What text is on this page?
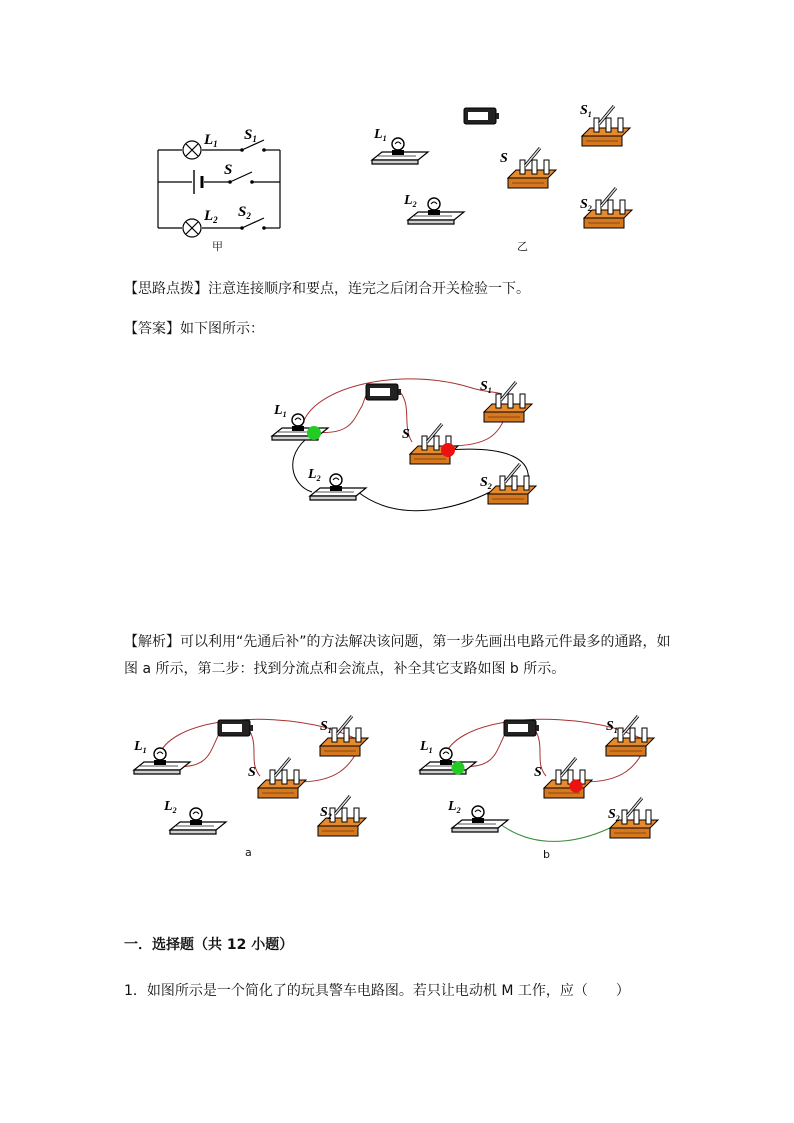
$L_1$
$S_1$
S
$L_2$ $S_2$
甲
$L_1$
$L_2$
S
$S_1$
$S_2$
乙
【思路点拨】注意连接顺序和要点，连完之后闭合开关检验一下。
【答案】如下图所示：
$L_1$
$L_2$
S
$S_1$
$S_2$
【解析】可以利用“先通后补”的方法解决该问题，第一步先画出电路元件最多的通路，如
图 a 所示，第二步：找到分流点和会流点，补全其它支路如图 b 所示。
$L_1$
$L_2$
S
$S_1$
$S_2$
a
$L_1$
$L_2$
S
$S_1$
$S_2$
b
一．选择题（共 12 小题）
1．如图所示是一个简化了的玩具警车电路图。若只让电动机 M 工作，应（　　）
